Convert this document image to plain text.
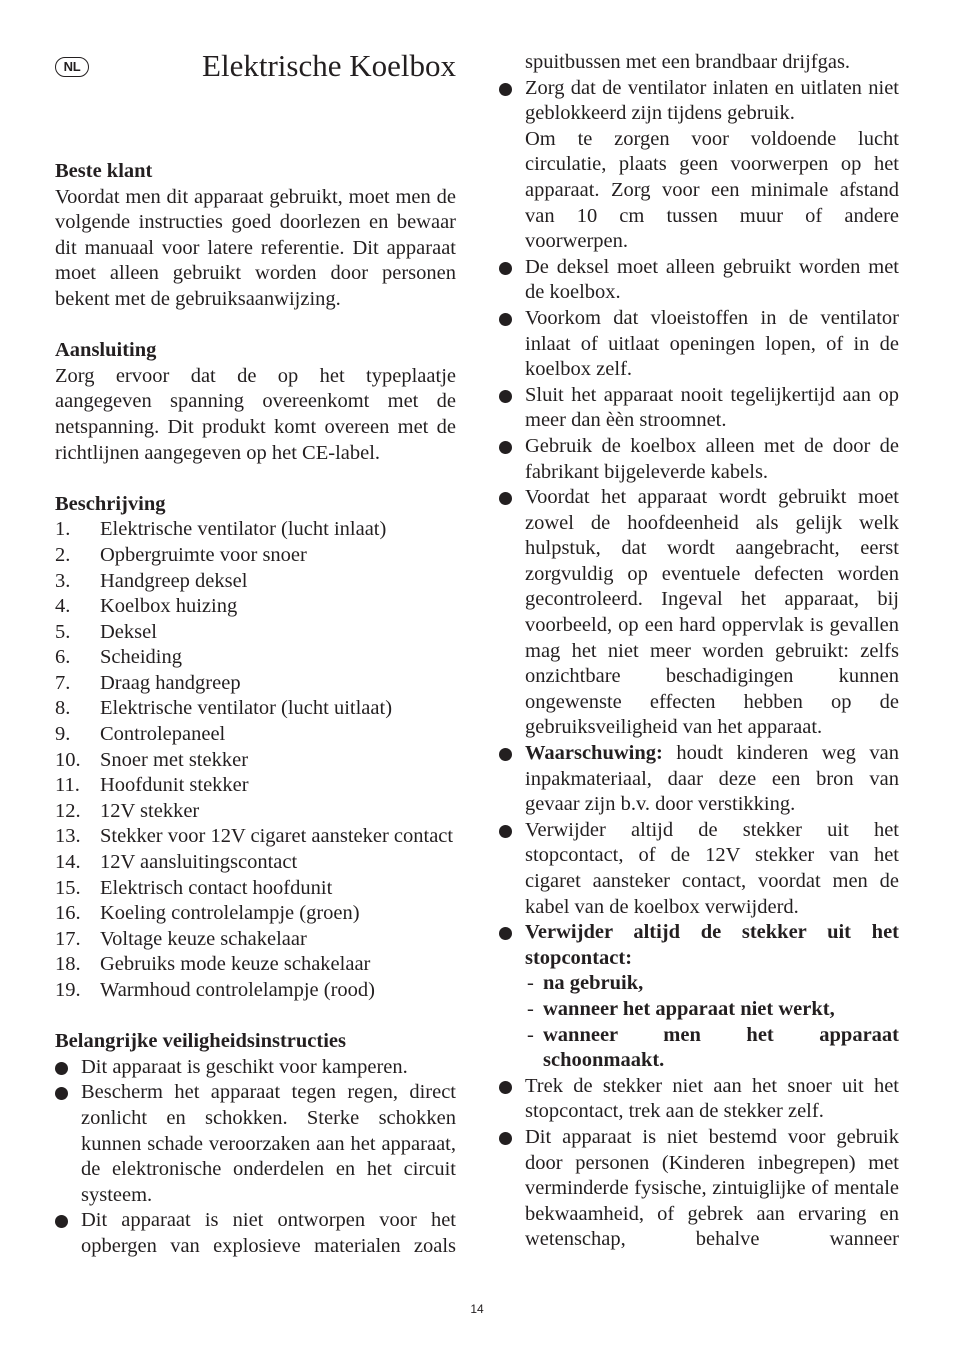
NL	Elektrische Koelbox

Beste klant

Voordat men dit apparaat gebruikt, moet men de volgende instructies goed doorlezen en bewaar dit manuaal voor latere referentie. Dit apparaat moet alleen gebruikt worden door personen bekent met de gebruiksaanwijzing.

Aansluiting

Zorg ervoor dat de op het typeplaatje aangegeven spanning overeenkomt met de netspanning. Dit produkt komt overeen met de richtlijnen aangegeven op het CE-label.

Beschrijving

1. Elektrische ventilator (lucht inlaat)
2. Opbergruimte voor snoer
3. Handgreep deksel
4. Koelbox huizing
5. Deksel
6. Scheiding
7. Draag handgreep
8. Elektrische ventilator (lucht uitlaat)
9. Controlepaneel
10. Snoer met stekker
11. Hoofdunit stekker
12. 12V stekker
13. Stekker voor 12V cigaret aansteker contact
14. 12V aansluitingscontact
15. Elektrisch contact hoofdunit
16. Koeling controlelampje (groen)
17. Voltage keuze schakelaar
18. Gebruiks mode keuze schakelaar
19. Warmhoud controlelampje (rood)

Belangrijke veiligheidsinstructies

Dit apparaat is geschikt voor kamperen.
Bescherm het apparaat tegen regen, direct zonlicht en schokken. Sterke schokken kunnen schade veroorzaken aan het apparaat, de elektronische onderdelen en het circuit systeem.
Dit apparaat is niet ontworpen voor het opbergen van explosieve materialen zoals

spuitbussen met een brandbaar drijfgas.

Zorg dat de ventilator inlaten en uitlaten niet geblokkeerd zijn tijdens gebruik.
Om te zorgen voor voldoende lucht circulatie, plaats geen voorwerpen op het apparaat. Zorg voor een minimale afstand van 10 cm tussen muur of andere voorwerpen.
De deksel moet alleen gebruikt worden met de koelbox.
Voorkom dat vloeistoffen in de ventilator inlaat of uitlaat openingen lopen, of in de koelbox zelf.
Sluit het apparaat nooit tegelijkertijd aan op meer dan èèn stroomnet.
Gebruik de koelbox alleen met de door de fabrikant bijgeleverde kabels.
Voordat het apparaat wordt gebruikt moet zowel de hoofdeenheid als gelijk welk hulpstuk, dat wordt aangebracht, eerst zorgvuldig op eventuele defecten worden gecontroleerd. Ingeval het apparaat, bij voorbeeld, op een hard oppervlak is gevallen mag het niet meer worden gebruikt: zelfs onzichtbare beschadigingen kunnen ongewenste effecten hebben op de gebruiksveiligheid van het apparaat.
Waarschuwing: houdt kinderen weg van inpakmateriaal, daar deze een bron van gevaar zijn b.v. door verstikking.
Verwijder altijd de stekker uit het stopcontact, of de 12V stekker van het cigaret aansteker contact, voordat men de kabel van de koelbox verwijderd.
Verwijder altijd de stekker uit het stopcontact:
- na gebruik,
- wanneer het apparaat niet werkt,
- wanneer men het apparaat schoonmaakt.
Trek de stekker niet aan het snoer uit het stopcontact, trek aan de stekker zelf.
Dit apparaat is niet bestemd voor gebruik door personen (Kinderen inbegrepen) met verminderde fysische, zintuiglijke of mentale bekwaamheid, of gebrek aan ervaring en wetenschap, behalve wanneer
14
